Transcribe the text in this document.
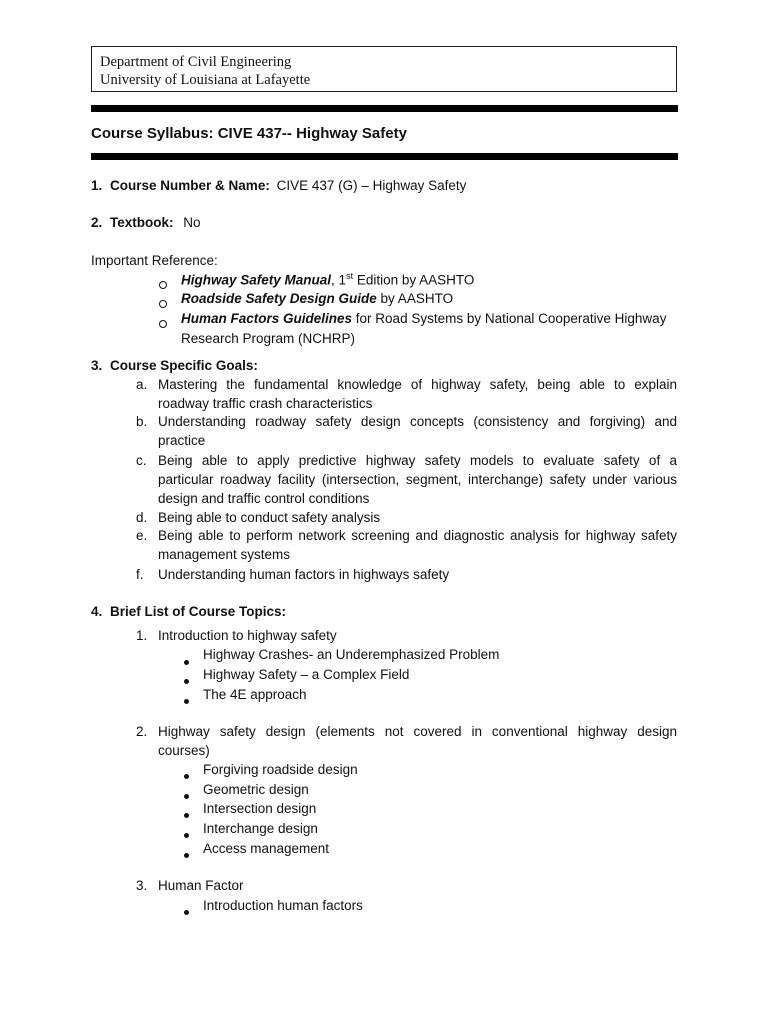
Department of Civil Engineering
University of Louisiana at Lafayette
Course Syllabus: CIVE 437-- Highway Safety
1. Course Number & Name: CIVE 437 (G) – Highway Safety
2. Textbook: No
Important Reference:
Highway Safety Manual, 1st Edition by AASHTO
Roadside Safety Design Guide by AASHTO
Human Factors Guidelines for Road Systems by National Cooperative Highway
Research Program (NCHRP)
3. Course Specific Goals:
a. Mastering the fundamental knowledge of highway safety, being able to explain
roadway traffic crash characteristics
b. Understanding roadway safety design concepts (consistency and forgiving) and
practice
c. Being able to apply predictive highway safety models to evaluate safety of a
particular roadway facility (intersection, segment, interchange) safety under various
design and traffic control conditions
d. Being able to conduct safety analysis
e. Being able to perform network screening and diagnostic analysis for highway safety
management systems
f. Understanding human factors in highways safety
4. Brief List of Course Topics:
1. Introduction to highway safety
Highway Crashes- an Underemphasized Problem
Highway Safety – a Complex Field
The 4E approach
2. Highway safety design (elements not covered in conventional highway design
courses)
Forgiving roadside design
Geometric design
Intersection design
Interchange design
Access management
3. Human Factor
Introduction human factors
